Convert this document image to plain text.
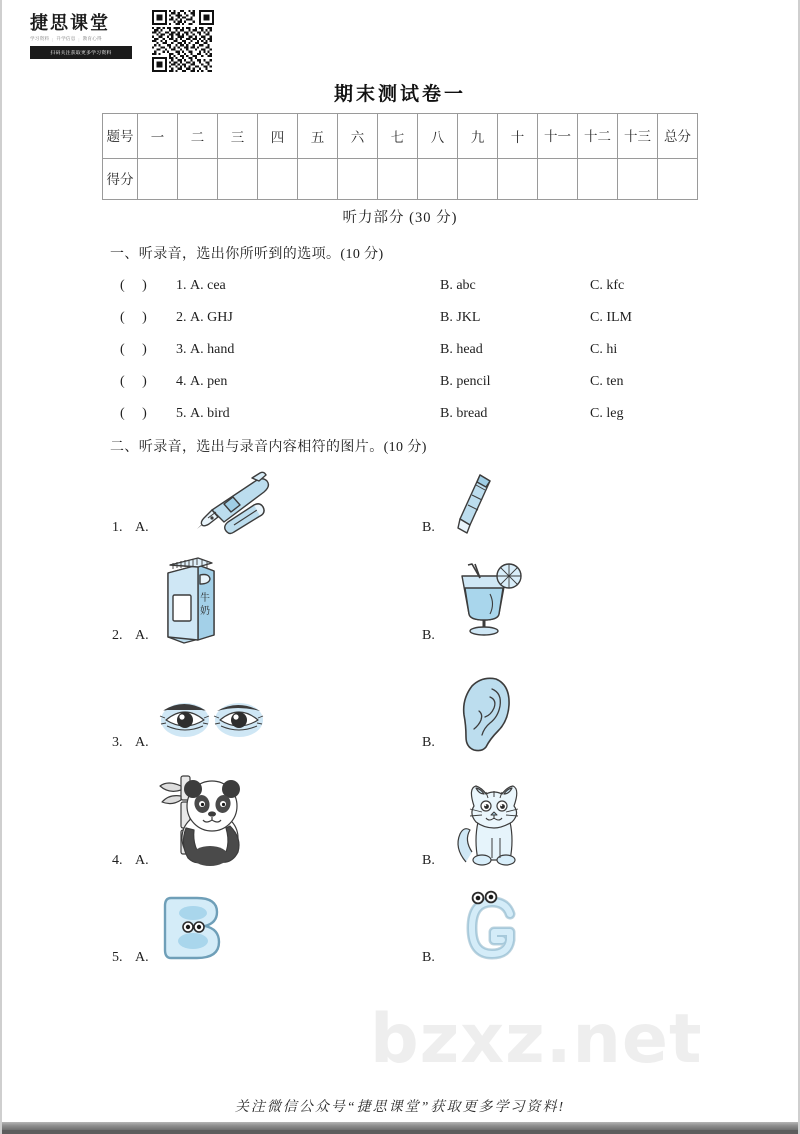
bzxz.net
捷思课堂
学习资料 | 升学信息 | 教育心得
扫码关注获取更多学习资料
期末测试卷一
题号	一	二	三	四	五	六	七	八	九	十	十一	十二	十三	总分

得分														

听力部分 (30 分)
一、听录音，选出你所听到的选项。(10 分)
(     ) 1. A. cea	B. abc	C. kfc
(     ) 2. A. GHJ	B. JKL	C. ILM
(     ) 3. A. hand	B. head	C. hi
(     ) 4. A. pen	B. pencil	C. ten
(     ) 5. A. bird	B. bread	C. leg
二、听录音，选出与录音内容相符的图片。(10 分)
1. A.	B.
2. A.
牛
奶
B.
3. A.	B.
4. A.	B.
5. A.	B.
关注微信公众号“捷思课堂”获取更多学习资料!
